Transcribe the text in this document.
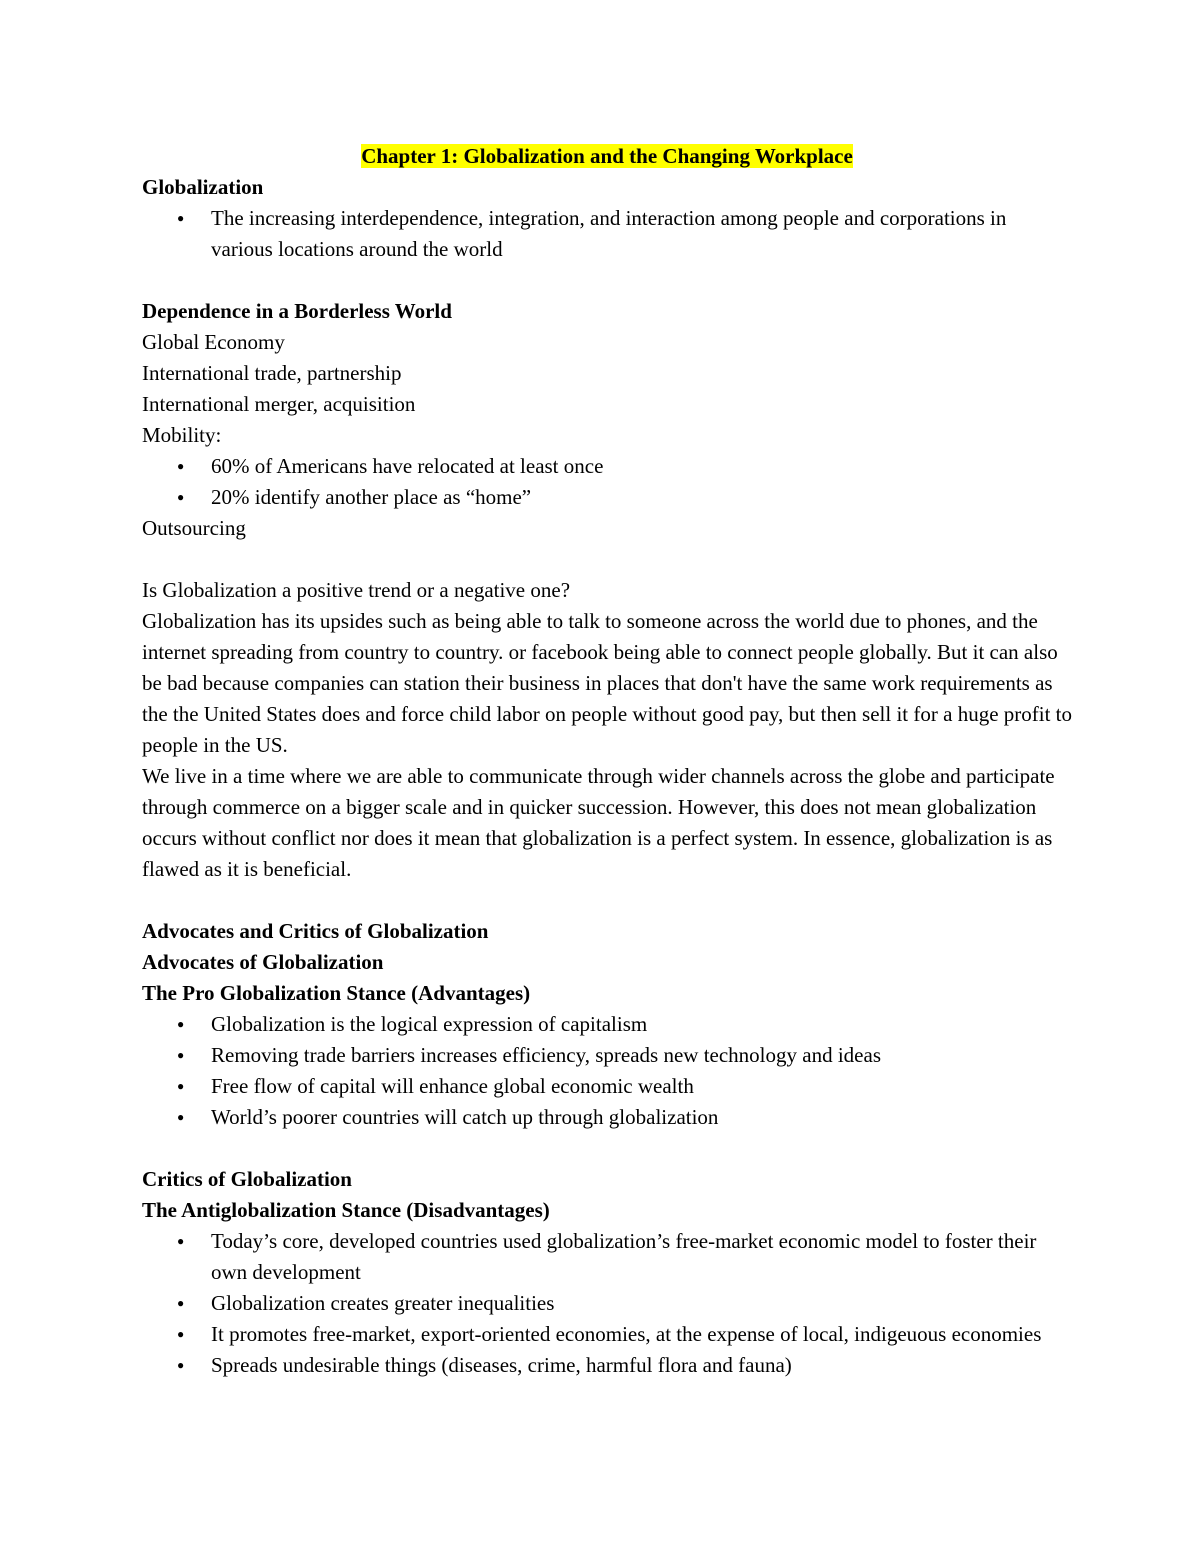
Chapter 1: Globalization and the Changing Workplace

Globalization

● The increasing interdependence, integration, and interaction among people and corporations in various locations around the world

Dependence in a Borderless World

Global Economy

International trade, partnership

International merger, acquisition

Mobility:

● 60% of Americans have relocated at least once
● 20% identify another place as “home”

Outsourcing

Is Globalization a positive trend or a negative one?

Globalization has its upsides such as being able to talk to someone across the world due to phones, and the internet spreading from country to country. or facebook being able to connect people globally. But it can also be bad because companies can station their business in places that don't have the same work requirements as the the United States does and force child labor on people without good pay, but then sell it for a huge profit to people in the US.

We live in a time where we are able to communicate through wider channels across the globe and participate through commerce on a bigger scale and in quicker succession. However, this does not mean globalization occurs without conflict nor does it mean that globalization is a perfect system. In essence, globalization is as flawed as it is beneficial.

Advocates and Critics of Globalization

Advocates of Globalization

The Pro Globalization Stance (Advantages)

● Globalization is the logical expression of capitalism
● Removing trade barriers increases efficiency, spreads new technology and ideas
● Free flow of capital will enhance global economic wealth
● World’s poorer countries will catch up through globalization

Critics of Globalization

The Antiglobalization Stance (Disadvantages)

● Today’s core, developed countries used globalization’s free-market economic model to foster their own development
● Globalization creates greater inequalities
● It promotes free-market, export-oriented economies, at the expense of local, indigeuous economies
● Spreads undesirable things (diseases, crime, harmful flora and fauna)
